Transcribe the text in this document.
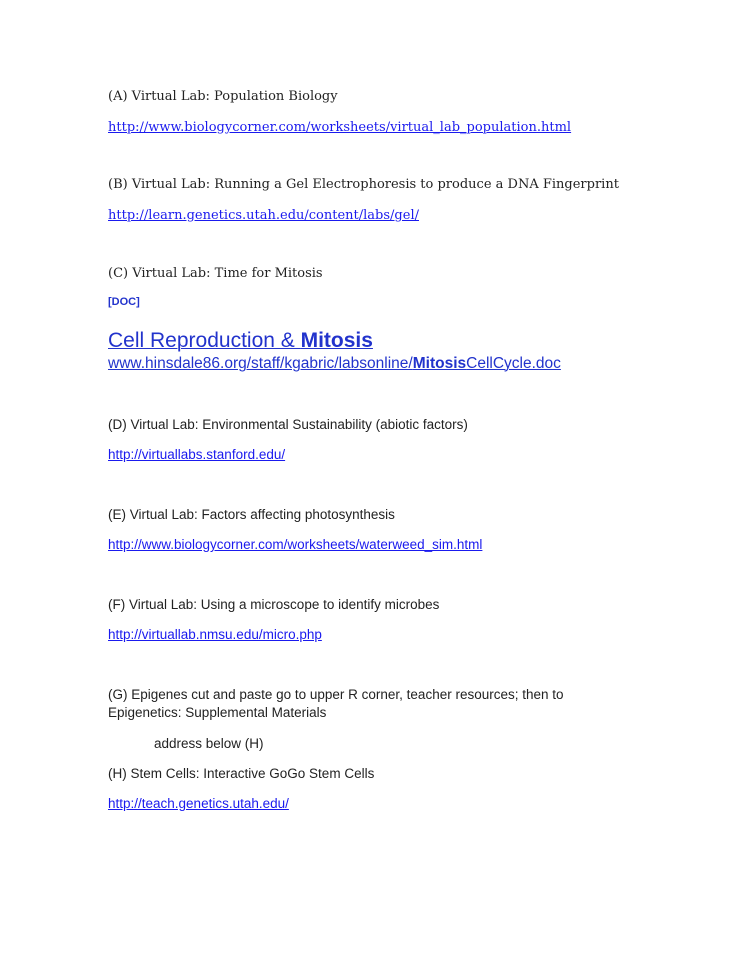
(A) Virtual Lab: Population Biology
http://www.biologycorner.com/worksheets/virtual_lab_population.html
(B) Virtual Lab: Running a Gel Electrophoresis to produce a DNA Fingerprint
http://learn.genetics.utah.edu/content/labs/gel/
(C) Virtual Lab: Time for Mitosis
[DOC]
Cell Reproduction & Mitosis
www.hinsdale86.org/staff/kgabric/labsonline/MitosisCellCycle.doc
(D) Virtual Lab: Environmental Sustainability (abiotic factors)
http://virtuallabs.stanford.edu/
(E) Virtual Lab: Factors affecting photosynthesis
http://www.biologycorner.com/worksheets/waterweed_sim.html
(F) Virtual Lab: Using a microscope to identify microbes
http://virtuallab.nmsu.edu/micro.php
(G) Epigenes cut and paste go to upper R corner, teacher resources; then to
Epigenetics: Supplemental Materials
address below (H)
(H) Stem Cells: Interactive GoGo Stem Cells
http://teach.genetics.utah.edu/
